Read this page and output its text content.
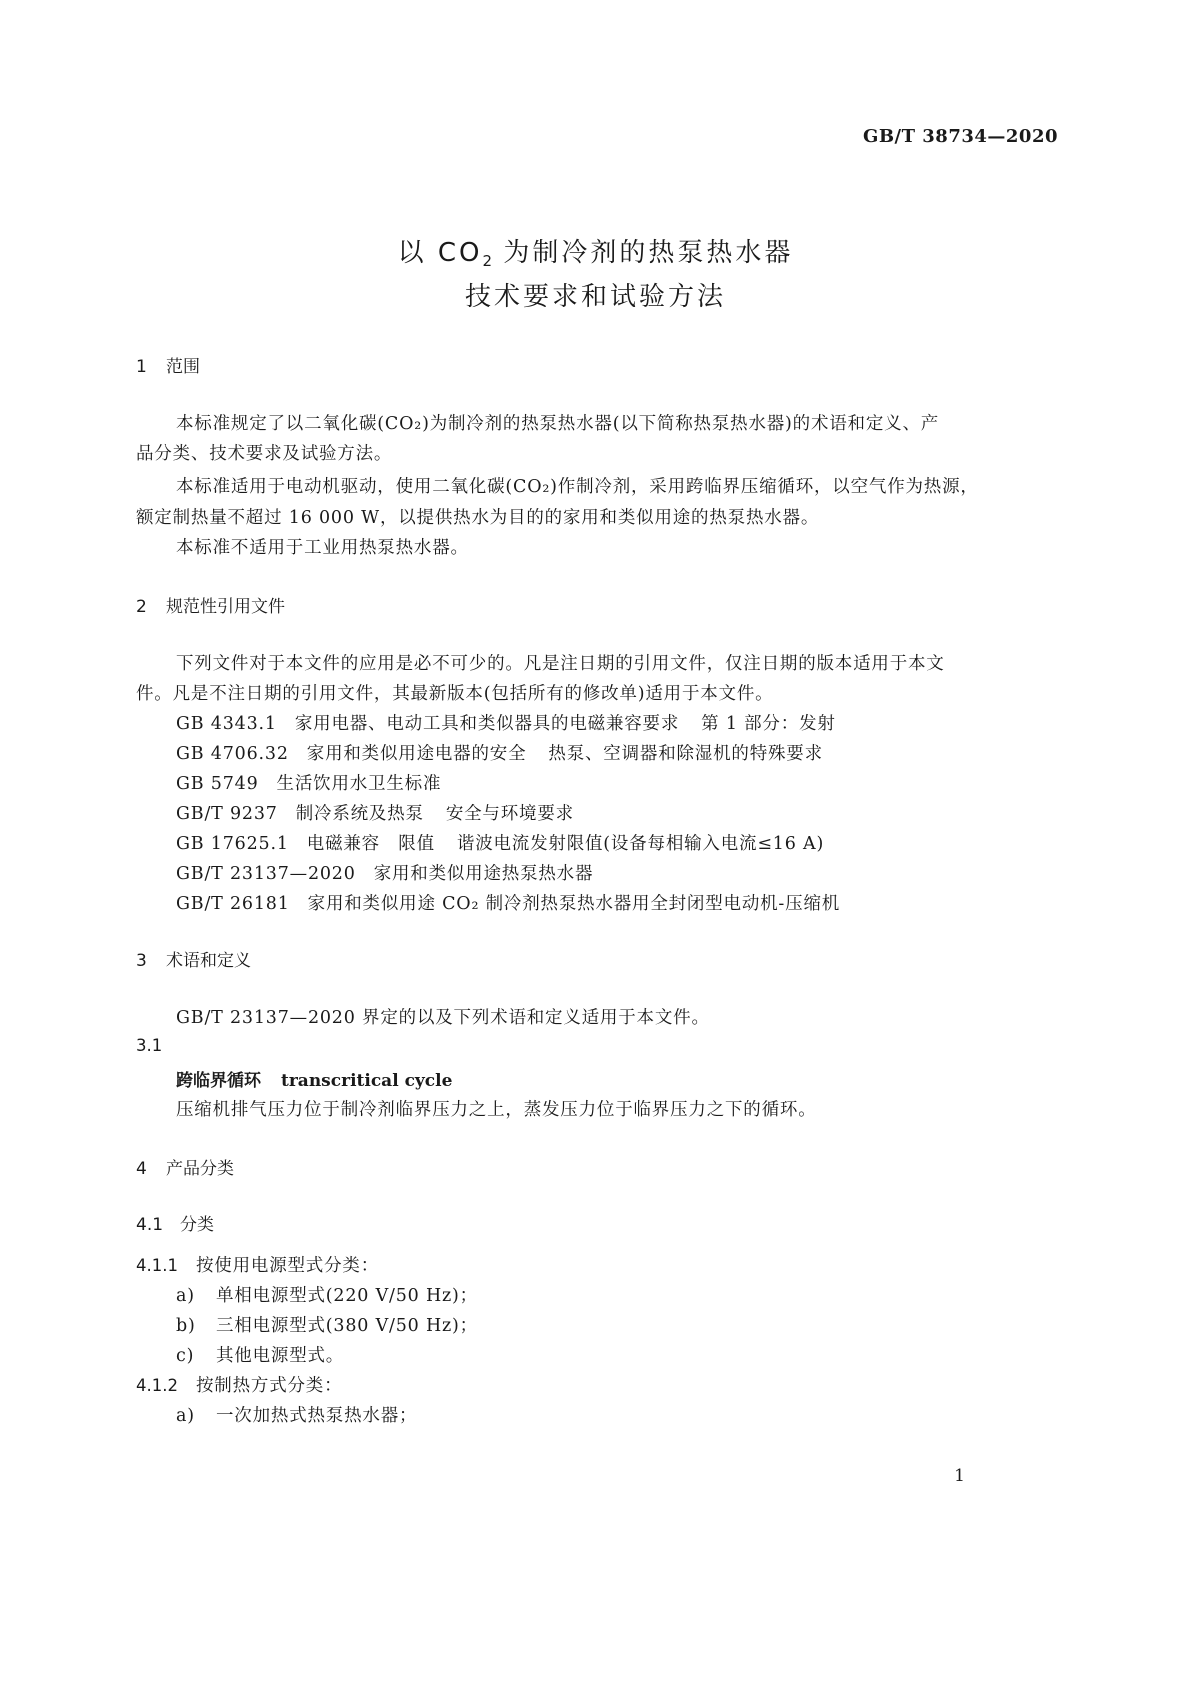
GB/T 38734—2020
以 $CO_2$ 为制冷剂的热泵热水器
技术要求和试验方法
1 范围
本标准规定了以二氧化碳(CO₂)为制冷剂的热泵热水器(以下简称热泵热水器)的术语和定义、产
品分类、技术要求及试验方法。
本标准适用于电动机驱动，使用二氧化碳(CO₂)作制冷剂，采用跨临界压缩循环，以空气作为热源，
额定制热量不超过 16 000 W，以提供热水为目的的家用和类似用途的热泵热水器。
本标准不适用于工业用热泵热水器。
2 规范性引用文件
下列文件对于本文件的应用是必不可少的。凡是注日期的引用文件，仅注日期的版本适用于本文
件。凡是不注日期的引用文件，其最新版本(包括所有的修改单)适用于本文件。
GB 4343.1 家用电器、电动工具和类似器具的电磁兼容要求 第 1 部分：发射
GB 4706.32 家用和类似用途电器的安全 热泵、空调器和除湿机的特殊要求
GB 5749 生活饮用水卫生标准
GB/T 9237 制冷系统及热泵 安全与环境要求
GB 17625.1 电磁兼容　限值 谐波电流发射限值(设备每相输入电流≤16 A)
GB/T 23137—2020 家用和类似用途热泵热水器
GB/T 26181 家用和类似用途 CO₂ 制冷剂热泵热水器用全封闭型电动机-压缩机
3 术语和定义
GB/T 23137—2020 界定的以及下列术语和定义适用于本文件。
3.1
跨临界循环 transcritical cycle
压缩机排气压力位于制冷剂临界压力之上，蒸发压力位于临界压力之下的循环。
4 产品分类
4.1 分类
4.1.1 按使用电源型式分类：
a) 单相电源型式(220 V/50 Hz)；
b) 三相电源型式(380 V/50 Hz)；
c) 其他电源型式。
4.1.2 按制热方式分类：
a) 一次加热式热泵热水器；
1
